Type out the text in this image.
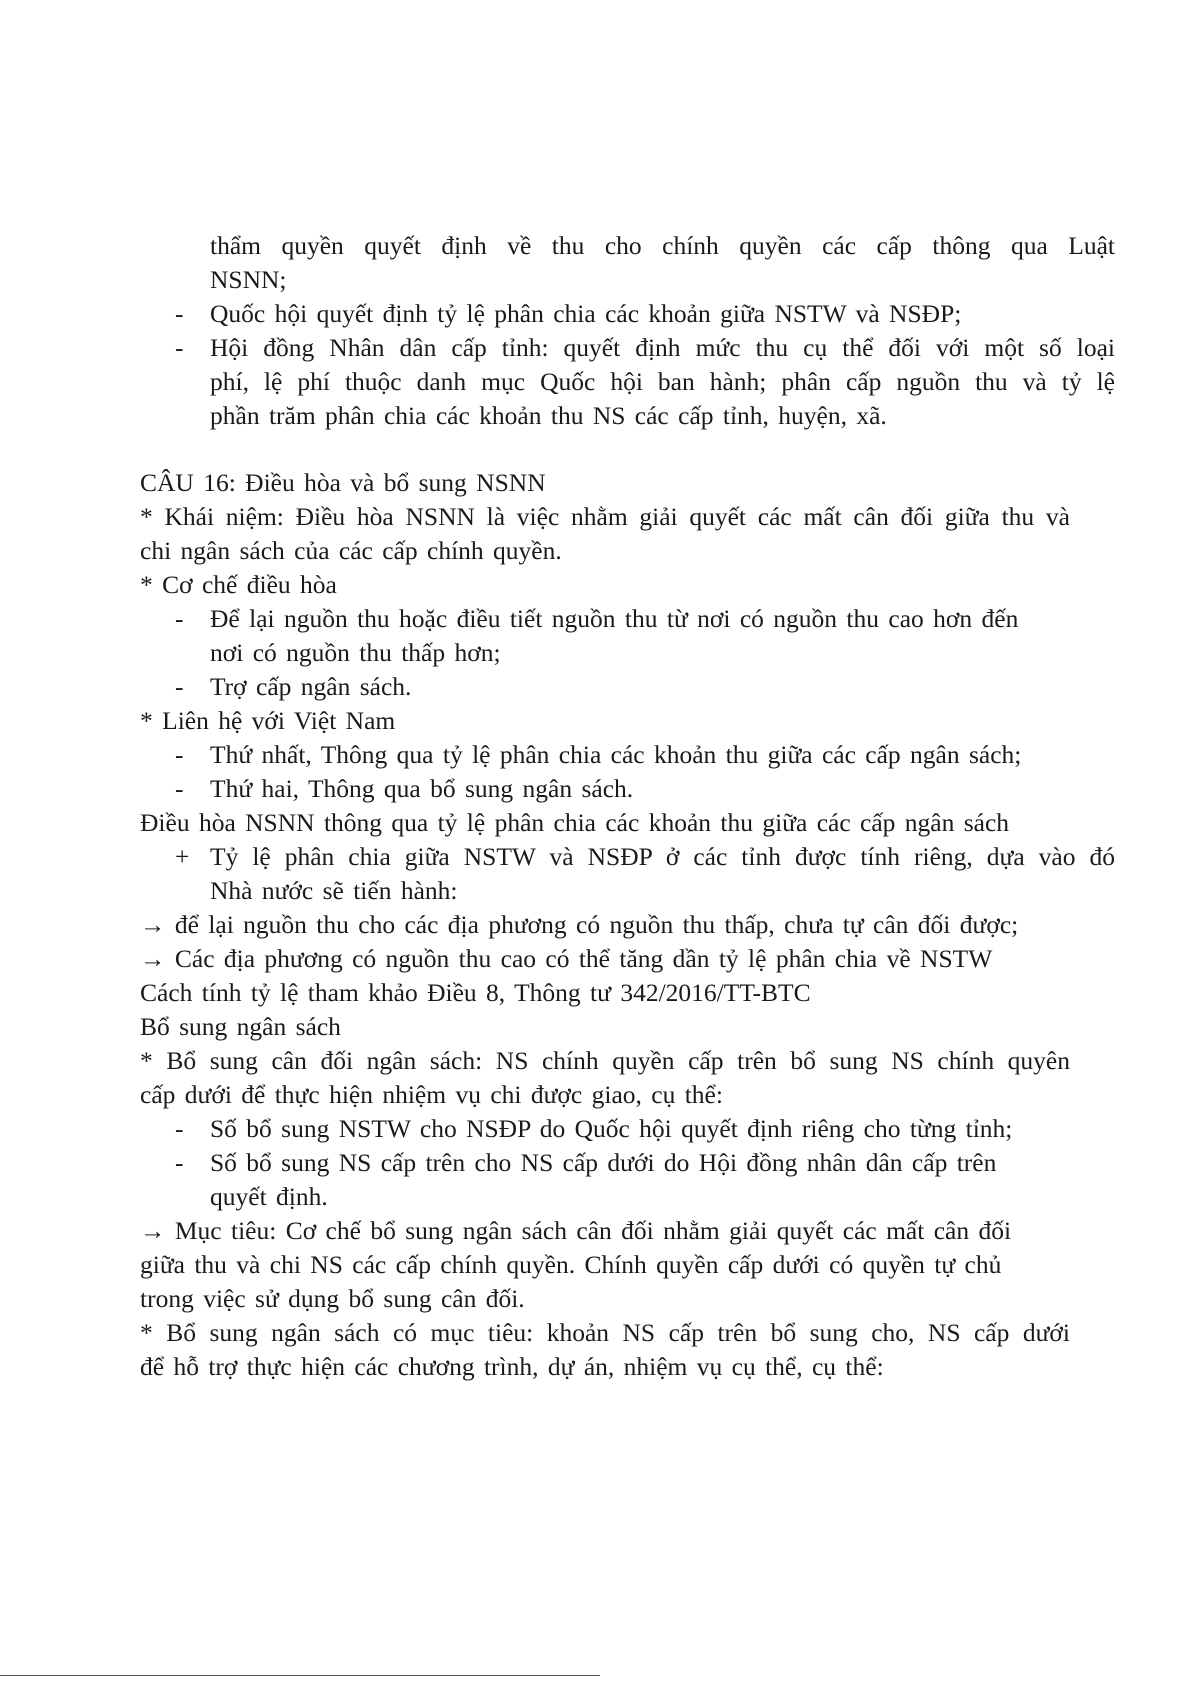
thẩm quyền quyết định về thu cho chính quyền các cấp thông qua Luật
NSNN;
- Quốc hội quyết định tỷ lệ phân chia các khoản giữa NSTW và NSĐP;
- Hội đồng Nhân dân cấp tỉnh: quyết định mức thu cụ thể đối với một số loại
phí, lệ phí thuộc danh mục Quốc hội ban hành; phân cấp nguồn thu và tỷ lệ
phần trăm phân chia các khoản thu NS các cấp tỉnh, huyện, xã.
CÂU 16: Điều hòa và bổ sung NSNN
* Khái niệm: Điều hòa NSNN là việc nhằm giải quyết các mất cân đối giữa thu và
chi ngân sách của các cấp chính quyền.
* Cơ chế điều hòa
- Để lại nguồn thu hoặc điều tiết nguồn thu từ nơi có nguồn thu cao hơn đến
nơi có nguồn thu thấp hơn;
- Trợ cấp ngân sách.
* Liên hệ với Việt Nam
- Thứ nhất, Thông qua tỷ lệ phân chia các khoản thu giữa các cấp ngân sách;
- Thứ hai, Thông qua bổ sung ngân sách.
Điều hòa NSNN thông qua tỷ lệ phân chia các khoản thu giữa các cấp ngân sách
+ Tỷ lệ phân chia giữa NSTW và NSĐP ở các tỉnh được tính riêng, dựa vào đó
Nhà nước sẽ tiến hành:
→ để lại nguồn thu cho các địa phương có nguồn thu thấp, chưa tự cân đối được;
→ Các địa phương có nguồn thu cao có thể tăng dần tỷ lệ phân chia về NSTW
Cách tính tỷ lệ tham khảo Điều 8, Thông tư 342/2016/TT-BTC
Bổ sung ngân sách
* Bổ sung cân đối ngân sách: NS chính quyền cấp trên bổ sung NS chính quyên
cấp dưới để thực hiện nhiệm vụ chi được giao, cụ thể:
- Số bổ sung NSTW cho NSĐP do Quốc hội quyết định riêng cho từng tỉnh;
- Số bổ sung NS cấp trên cho NS cấp dưới do Hội đồng nhân dân cấp trên
quyết định.
→ Mục tiêu: Cơ chế bổ sung ngân sách cân đối nhằm giải quyết các mất cân đối
giữa thu và chi NS các cấp chính quyền. Chính quyền cấp dưới có quyền tự chủ
trong việc sử dụng bổ sung cân đối.
* Bổ sung ngân sách có mục tiêu: khoản NS cấp trên bổ sung cho, NS cấp dưới
để hỗ trợ thực hiện các chương trình, dự án, nhiệm vụ cụ thể, cụ thể:
